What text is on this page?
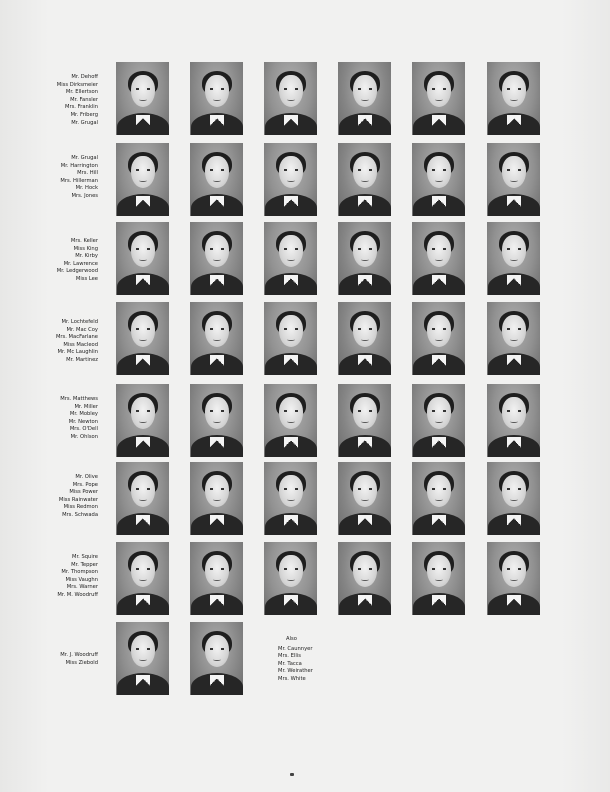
Mr. Dehoff
Miss Dirksmeier
Mr. Ellertson
Mr. Fansler
Mrs. Franklin
Mr. Friberg
Mr. Grugal
Mr. Grugal
Mr. Harrington
Mrs. Hill
Mrs. Hillerman
Mr. Hock
Mrs. Jones
Mrs. Keller
Miss King
Mr. Kirby
Mr. Lawrence
Mr. Ledgerwood
Miss Lee
Mr. Lochtefeld
Mr. Mac Coy
Mrs. MacFarlane
Miss Macleod
Mr. Mc Laughlin
Mr. Martinez
Mrs. Matthews
Mr. Miller
Mr. Mobley
Mr. Newton
Mrs. O'Dell
Mr. Ohlson
Mr. Olive
Mrs. Pope
Miss Power
Miss Rainwater
Miss Redmon
Mrs. Schwada
Mr. Squire
Mr. Tepper
Mr. Thompson
Miss Vaughn
Mrs. Warner
Mr. M. Woodruff
Mr. J. Woodruff
Miss Ziebold
Also
Mr. Caunnyer
Mrs. Ellis
Mr. Tacca
Mr. Weirather
Mrs. White
